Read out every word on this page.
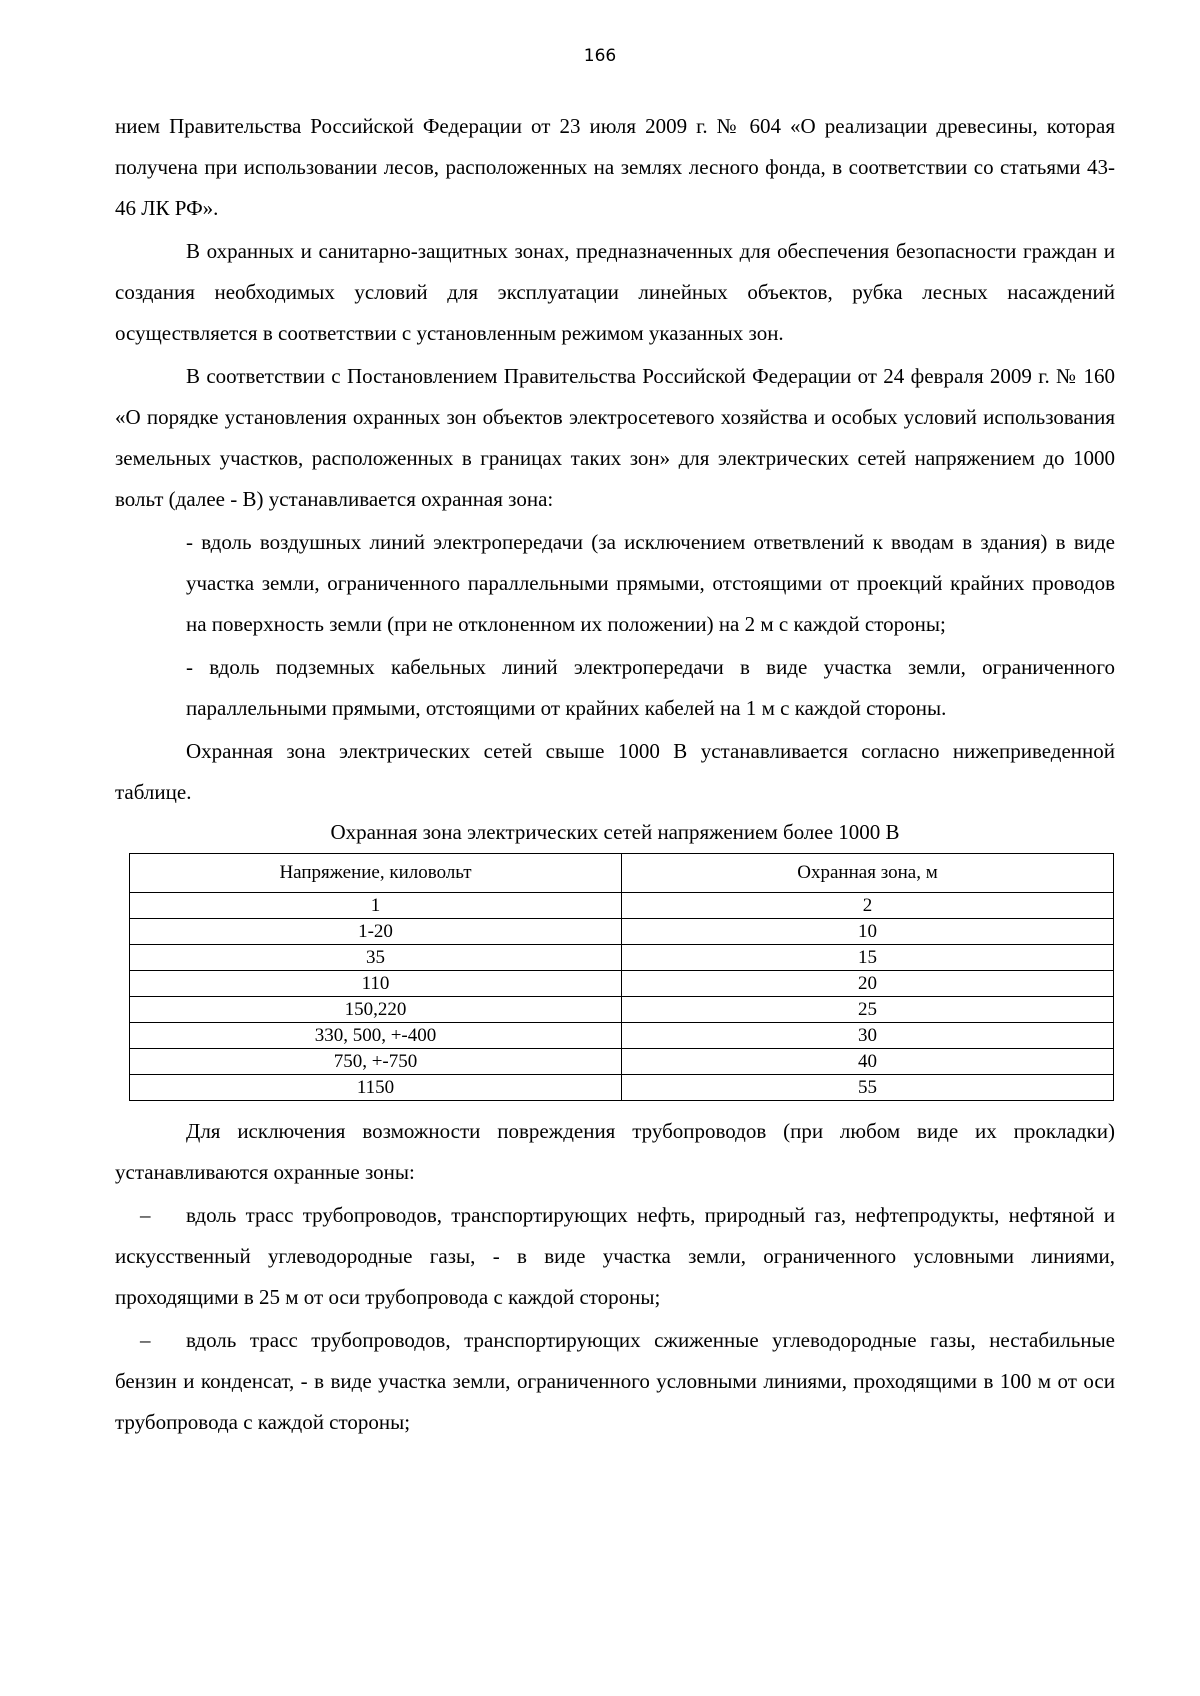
166

нием Правительства Российской Федерации от 23 июля 2009 г. № 604 «О реализации древесины, которая получена при использовании лесов, расположенных на землях лесного фонда, в соответствии со статьями 43-46 ЛК РФ».

В охранных и санитарно-защитных зонах, предназначенных для обеспечения безопасности граждан и создания необходимых условий для эксплуатации линейных объектов, рубка лесных насаждений осуществляется в соответствии с установленным режимом указанных зон.

В соответствии с Постановлением Правительства Российской Федерации от 24 февраля 2009 г. № 160 «О порядке установления охранных зон объектов электросетевого хозяйства и особых условий использования земельных участков, расположенных в границах таких зон» для электрических сетей напряжением до 1000 вольт (далее - В) устанавливается охранная зона:

- вдоль воздушных линий электропередачи (за исключением ответвлений к вводам в здания) в виде участка земли, ограниченного параллельными прямыми, отстоящими от проекций крайних проводов на поверхность земли (при не отклоненном их положении) на 2 м с каждой стороны;

- вдоль подземных кабельных линий электропередачи в виде участка земли, ограниченного параллельными прямыми, отстоящими от крайних кабелей на 1 м с каждой стороны.

Охранная зона электрических сетей свыше 1000 В устанавливается согласно нижеприведенной таблице.

Охранная зона электрических сетей напряжением более 1000 В
Напряжение, киловольт	Охранная зона, м
1	2
1-20	10
35	15
110	20
150,220	25
330, 500, +-400	30
750, +-750	40
1150	55

Для исключения возможности повреждения трубопроводов (при любом виде их прокладки) устанавливаются охранные зоны:

– вдоль трасс трубопроводов, транспортирующих нефть, природный газ, нефтепродукты, нефтяной и искусственный углеводородные газы, - в виде участка земли, ограниченного условными линиями, проходящими в 25 м от оси трубопровода с каждой стороны;

– вдоль трасс трубопроводов, транспортирующих сжиженные углеводородные газы, нестабильные бензин и конденсат, - в виде участка земли, ограниченного условными линиями, проходящими в 100 м от оси трубопровода с каждой стороны;
